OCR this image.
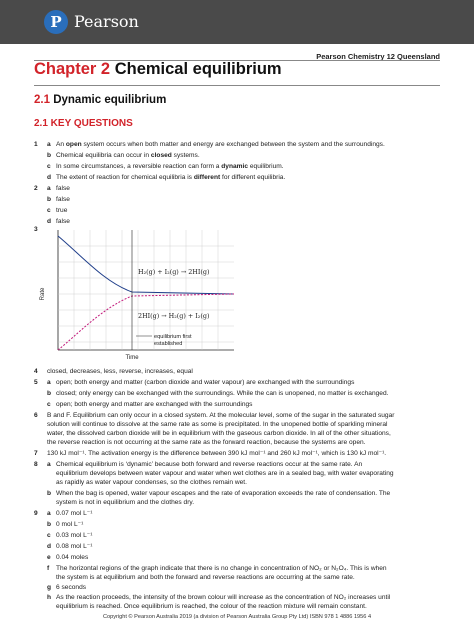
P Pearson
Pearson Chemistry 12 Queensland
Chapter 2 Chemical equilibrium
2.1 Dynamic equilibrium
2.1 KEY QUESTIONS
1 a An open system occurs when both matter and energy are exchanged between the system and the surroundings.
b Chemical equilibria can occur in closed systems.
c In some circumstances, a reversible reaction can form a dynamic equilibrium.
d The extent of reaction for chemical equilibria is different for different equilibria.
2 a false
b false
c true
d false
3
Rate
Time
H₂(g) + I₂(g) → 2HI(g)
2HI(g) → H₂(g) + I₂(g)
equilibrium first
established
4 closed, decreases, less, reverse, increases, equal
5 a open; both energy and matter (carbon dioxide and water vapour) are exchanged with the surroundings
b closed; only energy can be exchanged with the surroundings. While the can is unopened, no matter is exchanged.
c open; both energy and matter are exchanged with the surroundings
6 B and F. Equilibrium can only occur in a closed system. At the molecular level, some of the sugar in the saturated sugar
solution will continue to dissolve at the same rate as some is precipitated. In the unopened bottle of sparkling mineral
water, the dissolved carbon dioxide will be in equilibrium with the gaseous carbon dioxide. In all of the other situations,
the reverse reaction is not occurring at the same rate as the forward reaction, because the systems are open.
7 130 kJ mol⁻¹. The activation energy is the difference between 390 kJ mol⁻¹ and 260 kJ mol⁻¹, which is 130 kJ mol⁻¹.
8 a Chemical equilibrium is ‘dynamic’ because both forward and reverse reactions occur at the same rate. An
equilibrium develops between water vapour and water when wet clothes are in a sealed bag, with water evaporating
as rapidly as water vapour condenses, so the clothes remain wet.
b When the bag is opened, water vapour escapes and the rate of evaporation exceeds the rate of condensation. The
system is not in equilibrium and the clothes dry.
9 a 0.07 mol L⁻¹
b 0 mol L⁻¹
c 0.03 mol L⁻¹
d 0.08 mol L⁻¹
e 0.04 moles
f The horizontal regions of the graph indicate that there is no change in concentration of NO₂ or N₂O₄. This is when
the system is at equilibrium and both the forward and reverse reactions are occurring at the same rate.
g 6 seconds
h As the reaction proceeds, the intensity of the brown colour will increase as the concentration of NO₂ increases until
equilibrium is reached. Once equilibrium is reached, the colour of the reaction mixture will remain constant.
Copyright © Pearson Australia 2019 (a division of Pearson Australia Group Pty Ltd) ISBN 978 1 4886 1956 4
